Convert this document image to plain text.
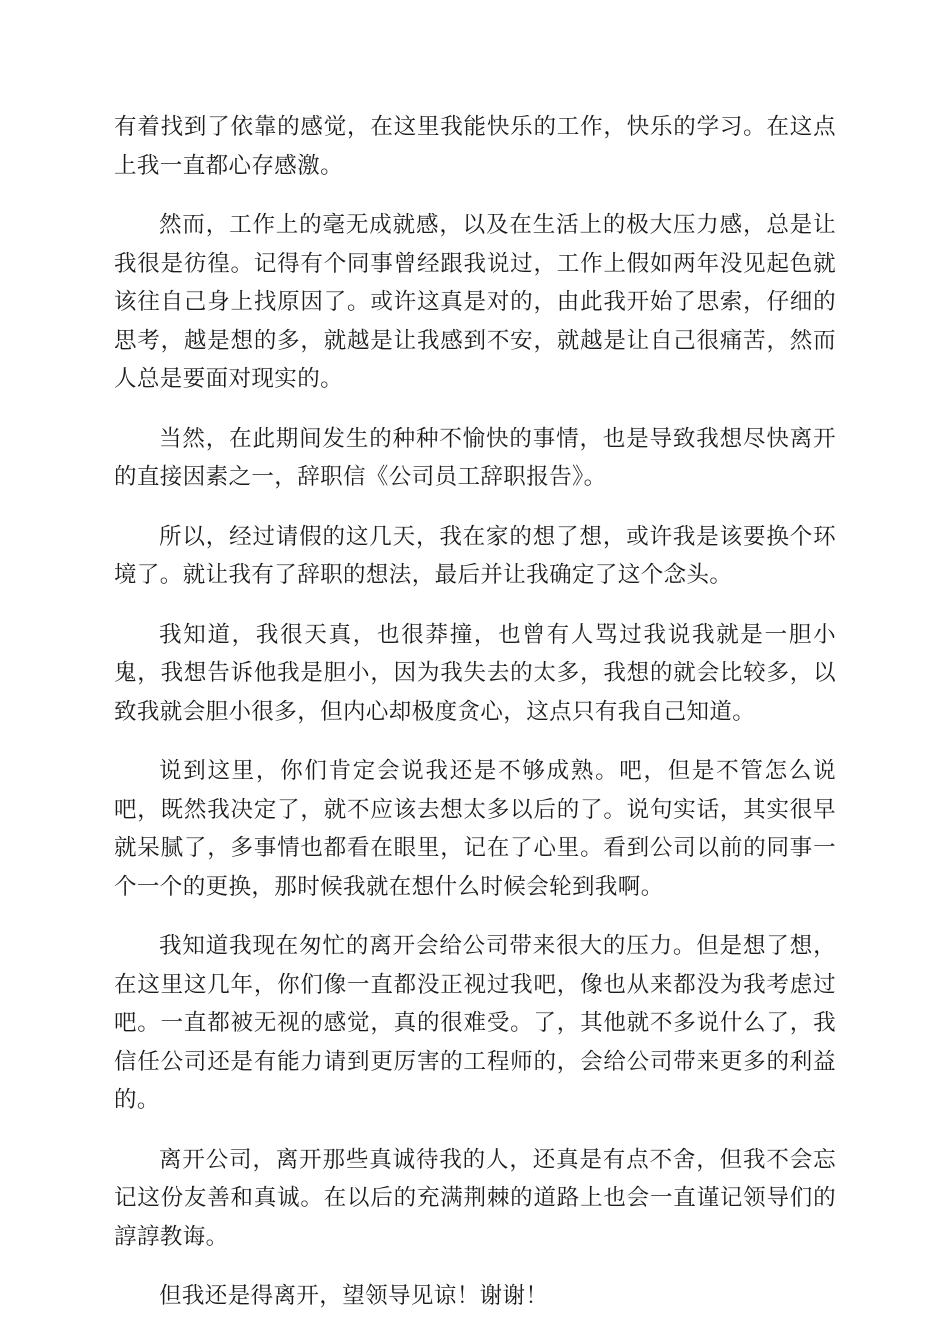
有着找到了依靠的感觉，在这里我能快乐的工作，快乐的学习。在这点上我一直都心存感激。

然而，工作上的毫无成就感，以及在生活上的极大压力感，总是让我很是彷徨。记得有个同事曾经跟我说过，工作上假如两年没见起色就该往自己身上找原因了。或许这真是对的，由此我开始了思索，仔细的思考，越是想的多，就越是让我感到不安，就越是让自己很痛苦，然而人总是要面对现实的。

当然，在此期间发生的种种不愉快的事情，也是导致我想尽快离开的直接因素之一，辞职信《公司员工辞职报告》。

所以，经过请假的这几天，我在家的想了想，或许我是该要换个环境了。就让我有了辞职的想法，最后并让我确定了这个念头。

我知道，我很天真，也很莽撞，也曾有人骂过我说我就是一胆小鬼，我想告诉他我是胆小，因为我失去的太多，我想的就会比较多，以致我就会胆小很多，但内心却极度贪心，这点只有我自己知道。

说到这里，你们肯定会说我还是不够成熟。吧，但是不管怎么说吧，既然我决定了，就不应该去想太多以后的了。说句实话，其实很早就呆腻了，多事情也都看在眼里，记在了心里。看到公司以前的同事一个一个的更换，那时候我就在想什么时候会轮到我啊。

我知道我现在匆忙的离开会给公司带来很大的压力。但是想了想，在这里这几年，你们像一直都没正视过我吧，像也从来都没为我考虑过吧。一直都被无视的感觉，真的很难受。了，其他就不多说什么了，我信任公司还是有能力请到更厉害的工程师的，会给公司带来更多的利益的。

离开公司，离开那些真诚待我的人，还真是有点不舍，但我不会忘记这份友善和真诚。在以后的充满荆棘的道路上也会一直谨记领导们的諄諄教诲。

但我还是得离开，望领导见谅！谢谢！
